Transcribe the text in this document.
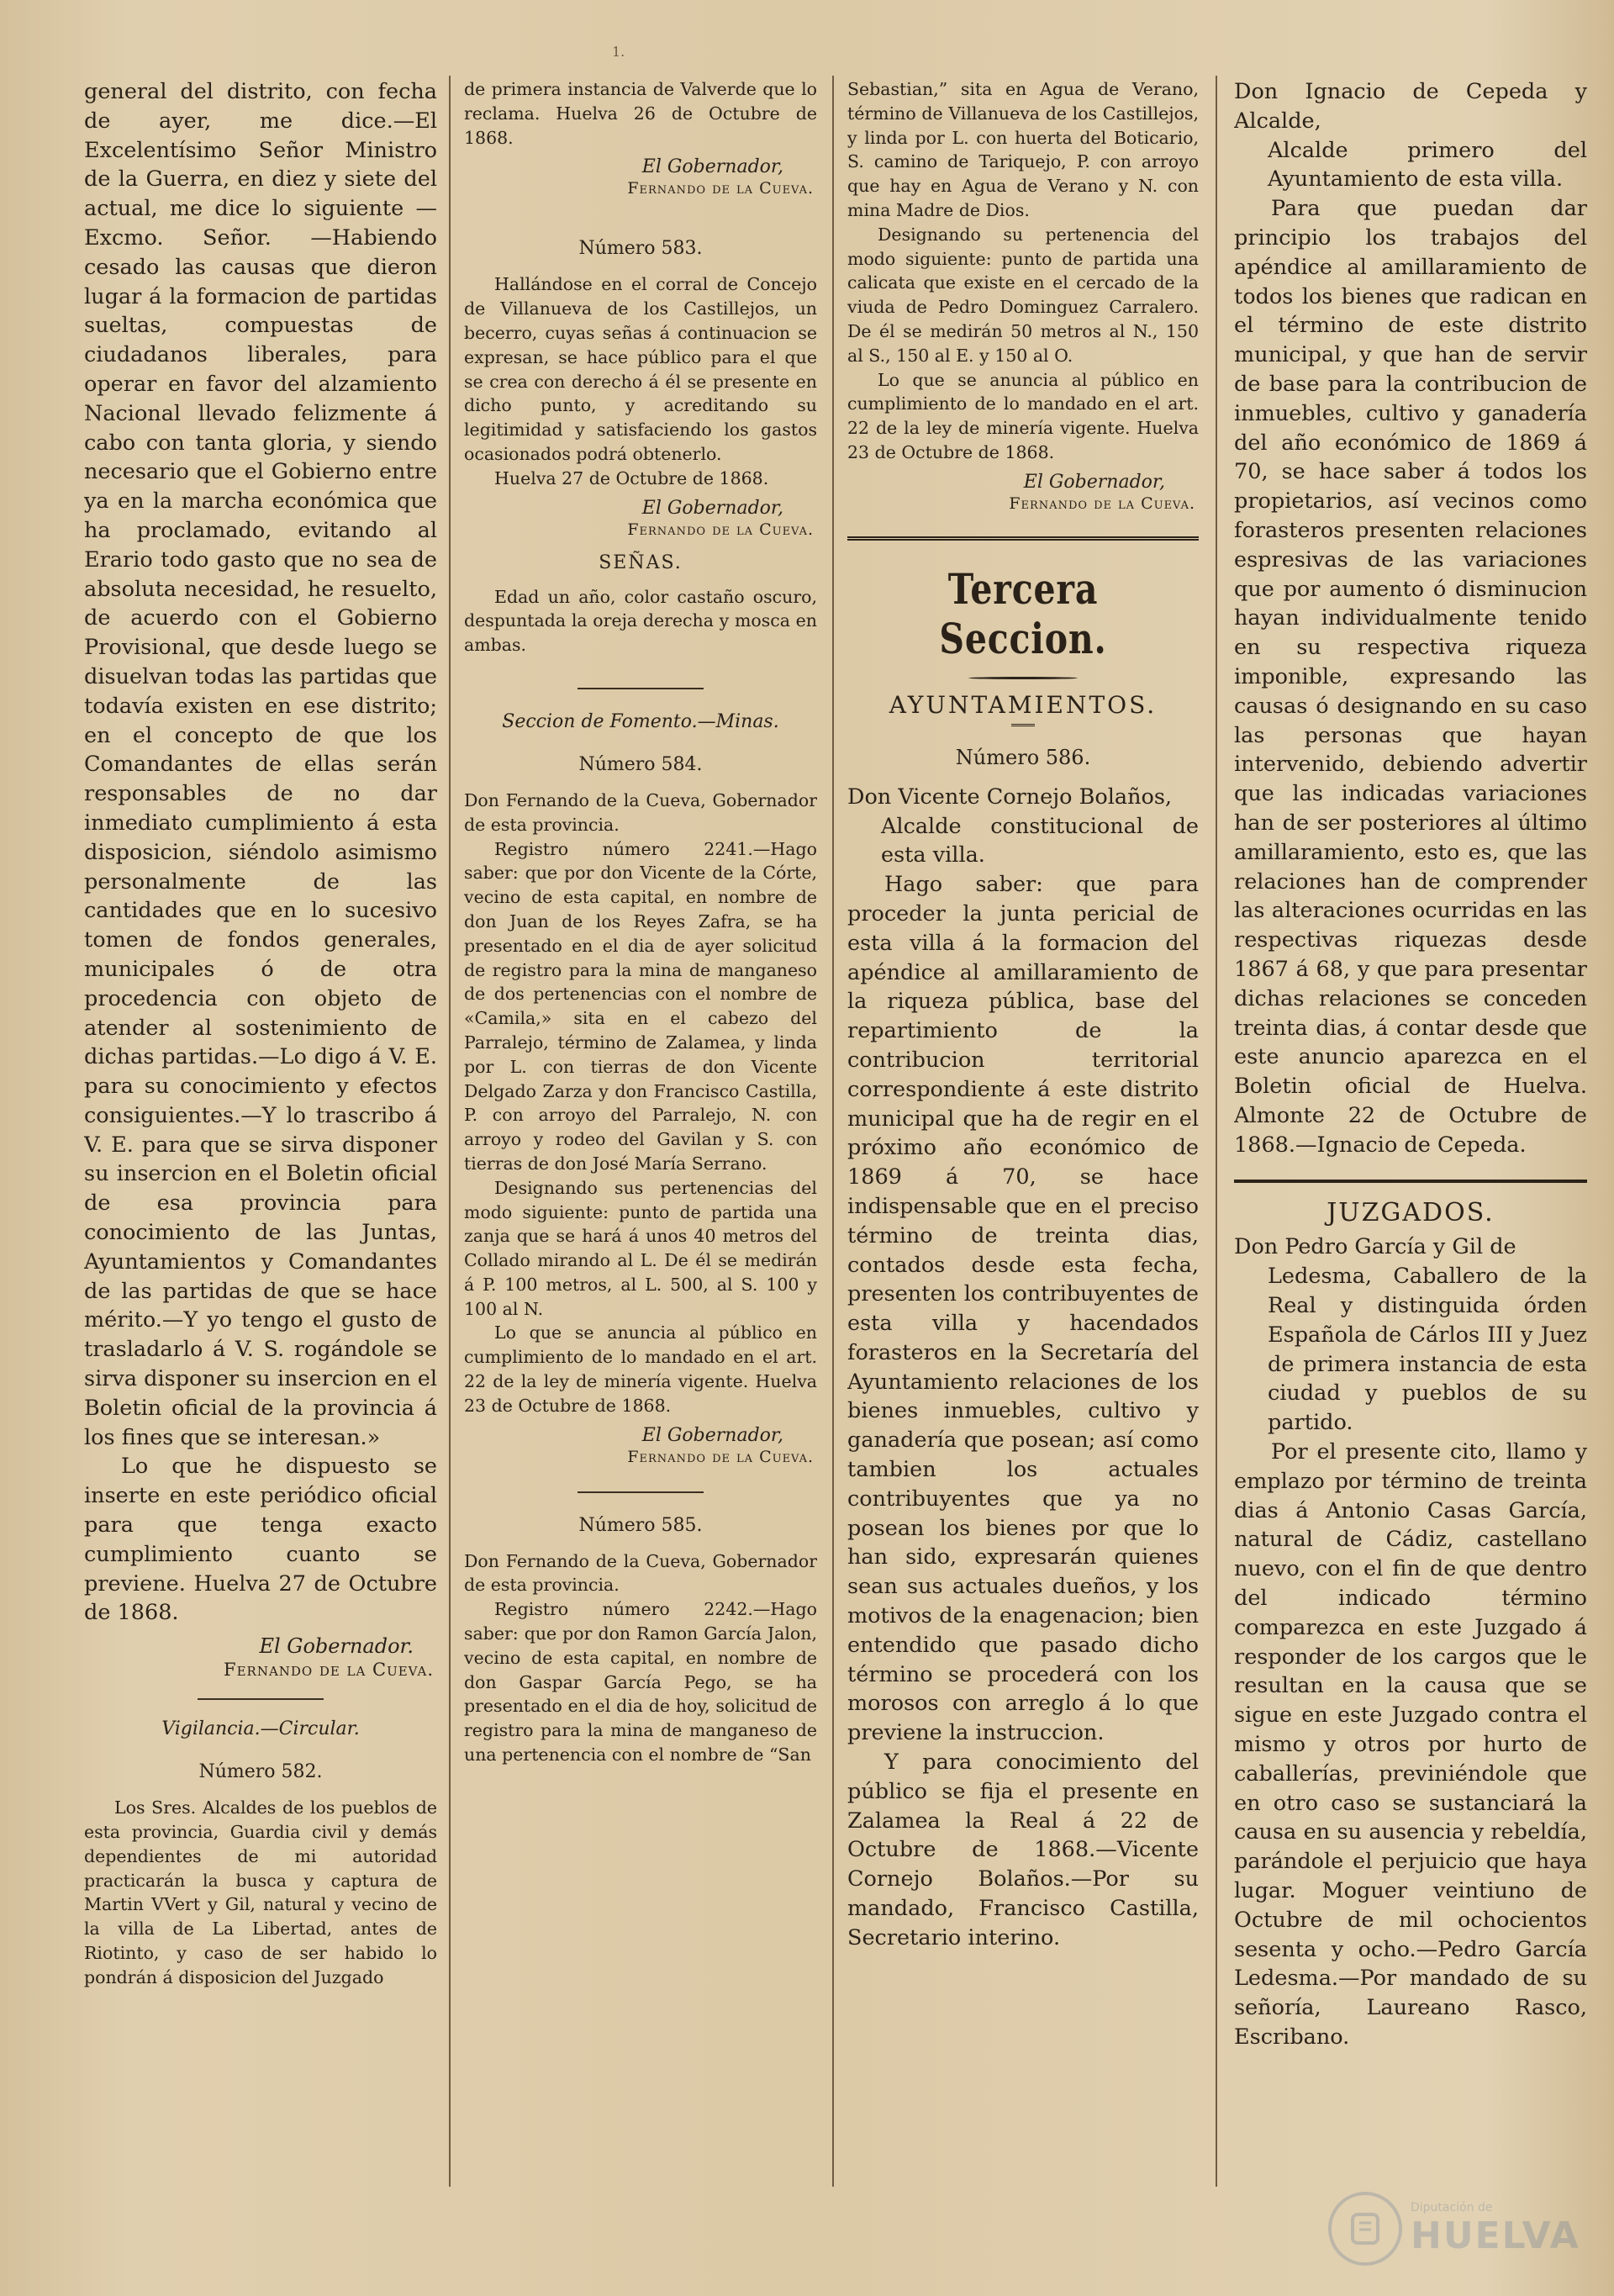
1.

general del distrito, con fecha de ayer, me dice.—El Excelentísimo Señor Ministro de la Guerra, en diez y siete del actual, me dice lo siguiente —Excmo. Señor. —Habiendo cesado las causas que dieron lugar á la formacion de partidas sueltas, compuestas de ciudadanos liberales, para operar en favor del alzamiento Nacional llevado felizmente á cabo con tanta gloria, y siendo necesario que el Gobierno entre ya en la marcha económica que ha proclamado, evitando al Erario todo gasto que no sea de absoluta necesidad, he resuelto, de acuerdo con el Gobierno Provisional, que desde luego se disuelvan todas las partidas que todavía existen en ese distrito; en el concepto de que los Comandantes de ellas serán responsables de no dar inmediato cumplimiento á esta disposicion, siéndolo asimismo personalmente de las cantidades que en lo sucesivo tomen de fondos generales, municipales ó de otra procedencia con objeto de atender al sostenimiento de dichas partidas.—Lo digo á V. E. para su conocimiento y efectos consiguientes.—Y lo trascribo á V. E. para que se sirva disponer su insercion en el Boletin oficial de esa provincia para conocimiento de las Juntas, Ayuntamientos y Comandantes de las partidas de que se hace mérito.—Y yo tengo el gusto de trasladarlo á V. S. rogándole se sirva disponer su insercion en el Boletin oficial de la provincia á los fines que se interesan.»

Lo que he dispuesto se inserte en este periódico oficial para que tenga exacto cumplimiento cuanto se previene. Huelva 27 de Octubre de 1868.

El Gobernador.
Fernando de la Cueva.
Vigilancia.—Circular.
Número 582.

Los Sres. Alcaldes de los pueblos de esta provincia, Guardia civil y demás dependientes de mi autoridad practicarán la busca y captura de Martin VVert y Gil, natural y vecino de la villa de La Libertad, antes de Riotinto, y caso de ser habido lo pondrán á disposicion del Juzgado

de primera instancia de Valverde que lo reclama. Huelva 26 de Octubre de 1868.

El Gobernador,
Fernando de la Cueva.
Número 583.

Hallándose en el corral de Concejo de Villanueva de los Castillejos, un becerro, cuyas señas á continuacion se expresan, se hace público para el que se crea con derecho á él se presente en dicho punto, y acreditando su legitimidad y satisfaciendo los gastos ocasionados podrá obtenerlo.

Huelva 27 de Octubre de 1868.

El Gobernador,
Fernando de la Cueva.
SEÑAS.

Edad un año, color castaño oscuro, despuntada la oreja derecha y mosca en ambas.

Seccion de Fomento.—Minas.
Número 584.

Don Fernando de la Cueva, Gobernador de esta provincia.

Registro número 2241.—Hago saber: que por don Vicente de la Córte, vecino de esta capital, en nombre de don Juan de los Reyes Zafra, se ha presentado en el dia de ayer solicitud de registro para la mina de manganeso de dos pertenencias con el nombre de «Camila,» sita en el cabezo del Parralejo, término de Zalamea, y linda por L. con tierras de don Vicente Delgado Zarza y don Francisco Castilla, P. con arroyo del Parralejo, N. con arroyo y rodeo del Gavilan y S. con tierras de don José María Serrano.

Designando sus pertenencias del modo siguiente: punto de partida una zanja que se hará á unos 40 metros del Collado mirando al L. De él se medirán á P. 100 metros, al L. 500, al S. 100 y 100 al N.

Lo que se anuncia al público en cumplimiento de lo mandado en el art. 22 de la ley de minería vigente. Huelva 23 de Octubre de 1868.

El Gobernador,
Fernando de la Cueva.
Número 585.

Don Fernando de la Cueva, Gobernador de esta provincia.

Registro número 2242.—Hago saber: que por don Ramon García Jalon, vecino de esta capital, en nombre de don Gaspar García Pego, se ha presentado en el dia de hoy, solicitud de registro para la mina de manganeso de una pertenencia con el nombre de “San

Sebastian,” sita en Agua de Verano, término de Villanueva de los Castillejos, y linda por L. con huerta del Boticario, S. camino de Tariquejo, P. con arroyo que hay en Agua de Verano y N. con mina Madre de Dios.

Designando su pertenencia del modo siguiente: punto de partida una calicata que existe en el cercado de la viuda de Pedro Dominguez Carralero. De él se medirán 50 metros al N., 150 al S., 150 al E. y 150 al O.

Lo que se anuncia al público en cumplimiento de lo mandado en el art. 22 de la ley de minería vigente. Huelva 23 de Octubre de 1868.

El Gobernador,
Fernando de la Cueva.
Tercera Seccion.
AYUNTAMIENTOS.
Número 586.

Don Vicente Cornejo Bolaños,

Alcalde constitucional de esta villa.

Hago saber: que para proceder la junta pericial de esta villa á la formacion del apéndice al amillaramiento de la riqueza pública, base del repartimiento de la contribucion territorial correspondiente á este distrito municipal que ha de regir en el próximo año económico de 1869 á 70, se hace indispensable que en el preciso término de treinta dias, contados desde esta fecha, presenten los contribuyentes de esta villa y hacendados forasteros en la Secretaría del Ayuntamiento relaciones de los bienes inmuebles, cultivo y ganadería que posean; así como tambien los actuales contribuyentes que ya no posean los bienes por que lo han sido, expresarán quienes sean sus actuales dueños, y los motivos de la enagenacion; bien entendido que pasado dicho término se procederá con los morosos con arreglo á lo que previene la instruccion.

Y para conocimiento del público se fija el presente en Zalamea la Real á 22 de Octubre de 1868.—Vicente Cornejo Bolaños.—Por su mandado, Francisco Castilla, Secretario interino.

Don Ignacio de Cepeda y Alcalde,

Alcalde primero del Ayuntamiento de esta villa.

Para que puedan dar principio los trabajos del apéndice al amillaramiento de todos los bienes que radican en el término de este distrito municipal, y que han de servir de base para la contribucion de inmuebles, cultivo y ganadería del año económico de 1869 á 70, se hace saber á todos los propietarios, así vecinos como forasteros presenten relaciones espresivas de las variaciones que por aumento ó disminucion hayan individualmente tenido en su respectiva riqueza imponible, expresando las causas ó designando en su caso las personas que hayan intervenido, debiendo advertir que las indicadas variaciones han de ser posteriores al último amillaramiento, esto es, que las relaciones han de comprender las alteraciones ocurridas en las respectivas riquezas desde 1867 á 68, y que para presentar dichas relaciones se conceden treinta dias, á contar desde que este anuncio aparezca en el Boletin oficial de Huelva. Almonte 22 de Octubre de 1868.—Ignacio de Cepeda.

JUZGADOS.

Don Pedro García y Gil de

Ledesma, Caballero de la Real y distinguida órden Española de Cárlos III y Juez de primera instancia de esta ciudad y pueblos de su partido.

Por el presente cito, llamo y emplazo por término de treinta dias á Antonio Casas García, natural de Cádiz, castellano nuevo, con el fin de que dentro del indicado término comparezca en este Juzgado á responder de los cargos que le resultan en la causa que se sigue en este Juzgado contra el mismo y otros por hurto de caballerías, previniéndole que en otro caso se sustanciará la causa en su ausencia y rebeldía, parándole el perjuicio que haya lugar. Moguer veintiuno de Octubre de mil ochocientos sesenta y ocho.—Pedro García Ledesma.—Por mandado de su señoría, Laureano Rasco, Escribano.

Diputación de
HUELVA
